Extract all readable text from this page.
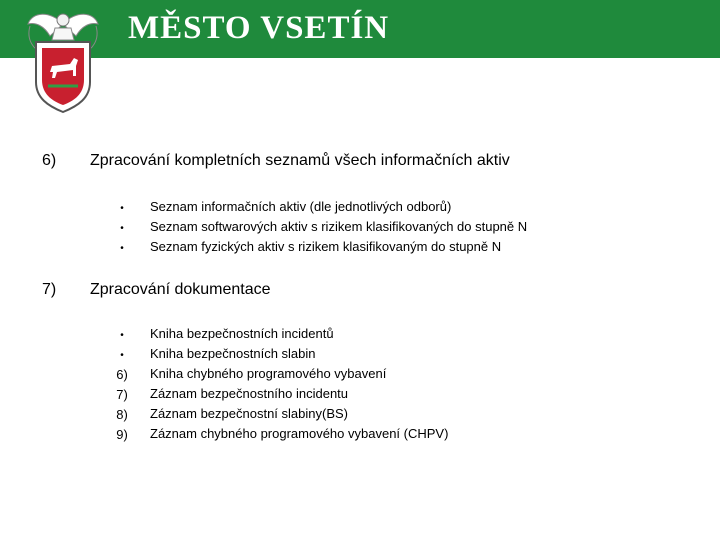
MĚSTO VSETÍN
6) Zpracování kompletních seznamů všech informačních aktiv
•	Seznam informačních aktiv (dle jednotlivých odborů)
•	Seznam softwarových aktiv s rizikem klasifikovaných do stupně N
•	Seznam fyzických aktiv s rizikem klasifikovaným do stupně N
7) Zpracování dokumentace
•	Kniha bezpečnostních incidentů
•	Kniha bezpečnostních slabin
6)	Kniha chybného programového vybavení
7)	Záznam bezpečnostního incidentu
8)	Záznam bezpečnostní slabiny(BS)
9)	Záznam chybného programového vybavení (CHPV)
